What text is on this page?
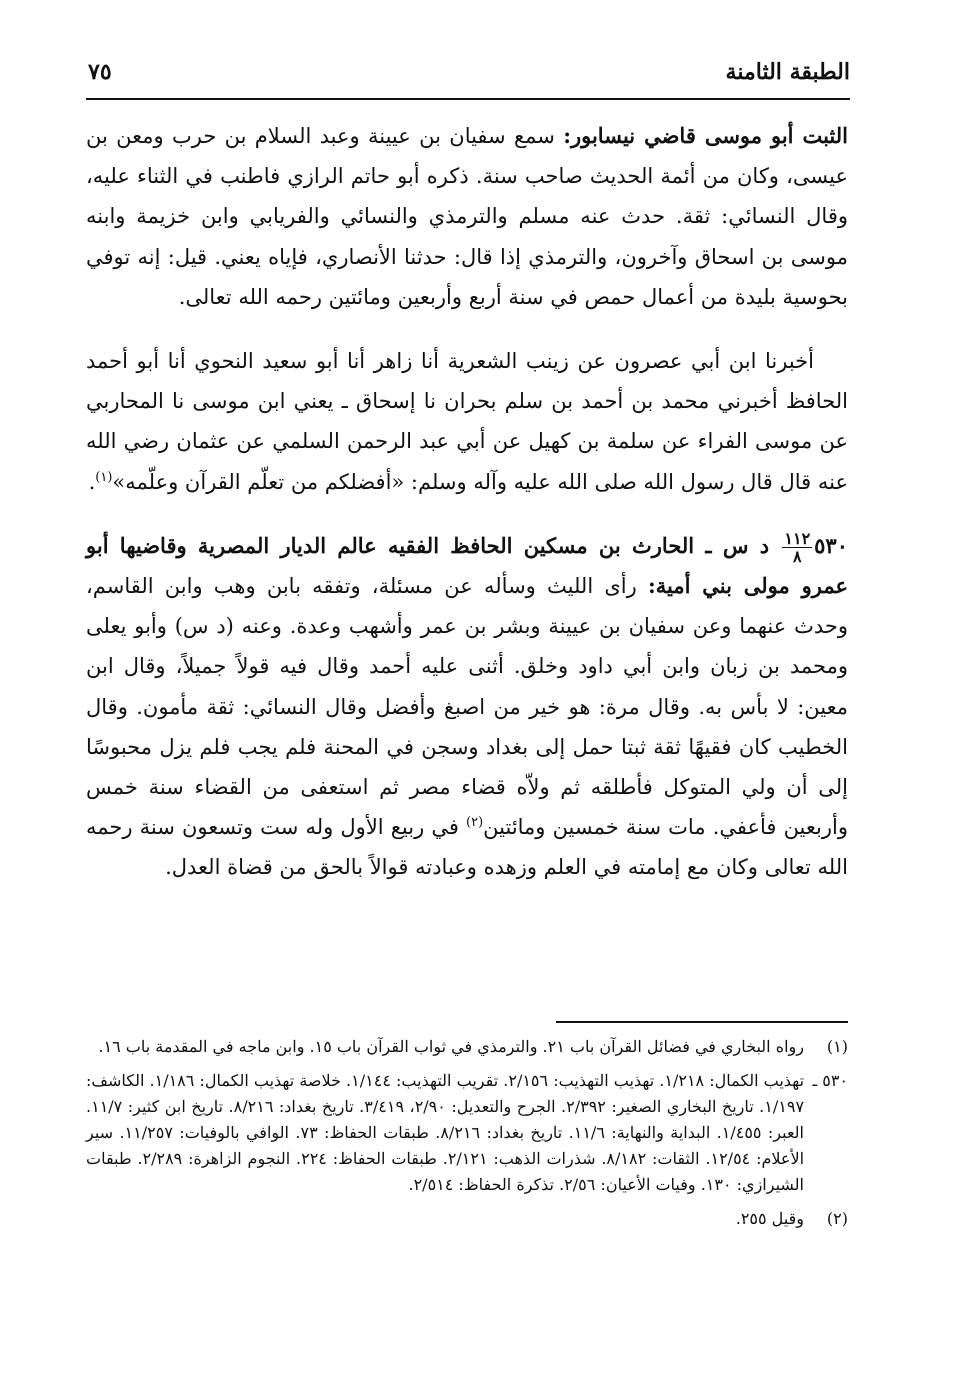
الطبقة الثامنة
٧٥

الثبت أبو موسى قاضي نيسابور: سمع سفيان بن عيينة وعبد السلام بن حرب ومعن بن عيسى، وكان من أئمة الحديث صاحب سنة. ذكره أبو حاتم الرازي فاطنب في الثناء عليه، وقال النسائي: ثقة. حدث عنه مسلم والترمذي والنسائي والفريابي وابن خزيمة وابنه موسى بن اسحاق وآخرون، والترمذي إذا قال: حدثنا الأنصاري، فإياه يعني. قيل: إنه توفي بحوسية بليدة من أعمال حمص في سنة أربع وأربعين ومائتين رحمه الله تعالى.

أخبرنا ابن أبي عصرون عن زينب الشعرية أنا زاهر أنا أبو سعيد النحوي أنا أبو أحمد الحافظ أخبرني محمد بن أحمد بن سلم بحران نا إسحاق ـ يعني ابن موسى نا المحاربي عن موسى الفراء عن سلمة بن كهيل عن أبي عبد الرحمن السلمي عن عثمان رضي الله عنه قال قال رسول الله صلى الله عليه وآله وسلم: «أفضلكم من تعلّم القرآن وعلّمه»$^{(١)}$.

٥٣٠
$\frac{١١٢}{٨}$
د س ـ الحارث بن مسكين الحافظ الفقيه عالم الديار المصرية وقاضيها أبو عمرو مولى بني أمية: رأى الليث وسأله عن مسئلة، وتفقه بابن وهب وابن القاسم، وحدث عنهما وعن سفيان بن عيينة وبشر بن عمر وأشهب وعدة. وعنه (د س) وأبو يعلى ومحمد بن زبان وابن أبي داود وخلق. أثنى عليه أحمد وقال فيه قولاً جميلاً، وقال ابن معين: لا بأس به. وقال مرة: هو خير من اصبغ وأفضل وقال النسائي: ثقة مأمون. وقال الخطيب كان فقيهًا ثقة ثبتا حمل إلى بغداد وسجن في المحنة فلم يجب فلم يزل محبوسًا إلى أن ولي المتوكل فأطلقه ثم ولاّه قضاء مصر ثم استعفى من القضاء سنة خمس وأربعين فأعفي. مات سنة خمسين ومائتين$^{(٢)}$ في ربيع الأول وله ست وتسعون سنة رحمه الله تعالى وكان مع إمامته في العلم وزهده وعبادته قوالاً بالحق من قضاة العدل.

(١)
رواه البخاري في فضائل القرآن باب ٢١. والترمذي في ثواب القرآن باب ١٥. وابن ماجه في المقدمة باب ١٦.
٥٣٠ ـ
تهذيب الكمال: ١/٢١٨. تهذيب التهذيب: ٢/١٥٦. تقريب التهذيب: ١/١٤٤. خلاصة تهذيب الكمال: ١/١٨٦. الكاشف: ١/١٩٧. تاريخ البخاري الصغير: ٢/٣٩٢. الجرح والتعديل: ٢/٩٠، ٣/٤١٩. تاريخ بغداد: ٨/٢١٦. تاريخ ابن كثير: ١١/٧. العبر: ١/٤٥٥. البداية والنهاية: ١١/٦. تاريخ بغداد: ٨/٢١٦. طبقات الحفاظ: ٧٣. الوافي بالوفيات: ١١/٢٥٧. سير الأعلام: ١٢/٥٤. الثقات: ٨/١٨٢. شذرات الذهب: ٢/١٢١. طبقات الحفاظ: ٢٢٤. النجوم الزاهرة: ٢/٢٨٩. طبقات الشيرازي: ١٣٠. وفيات الأعيان: ٢/٥٦. تذكرة الحفاظ: ٢/٥١٤.
(٢)
وقيل ٢٥٥.
